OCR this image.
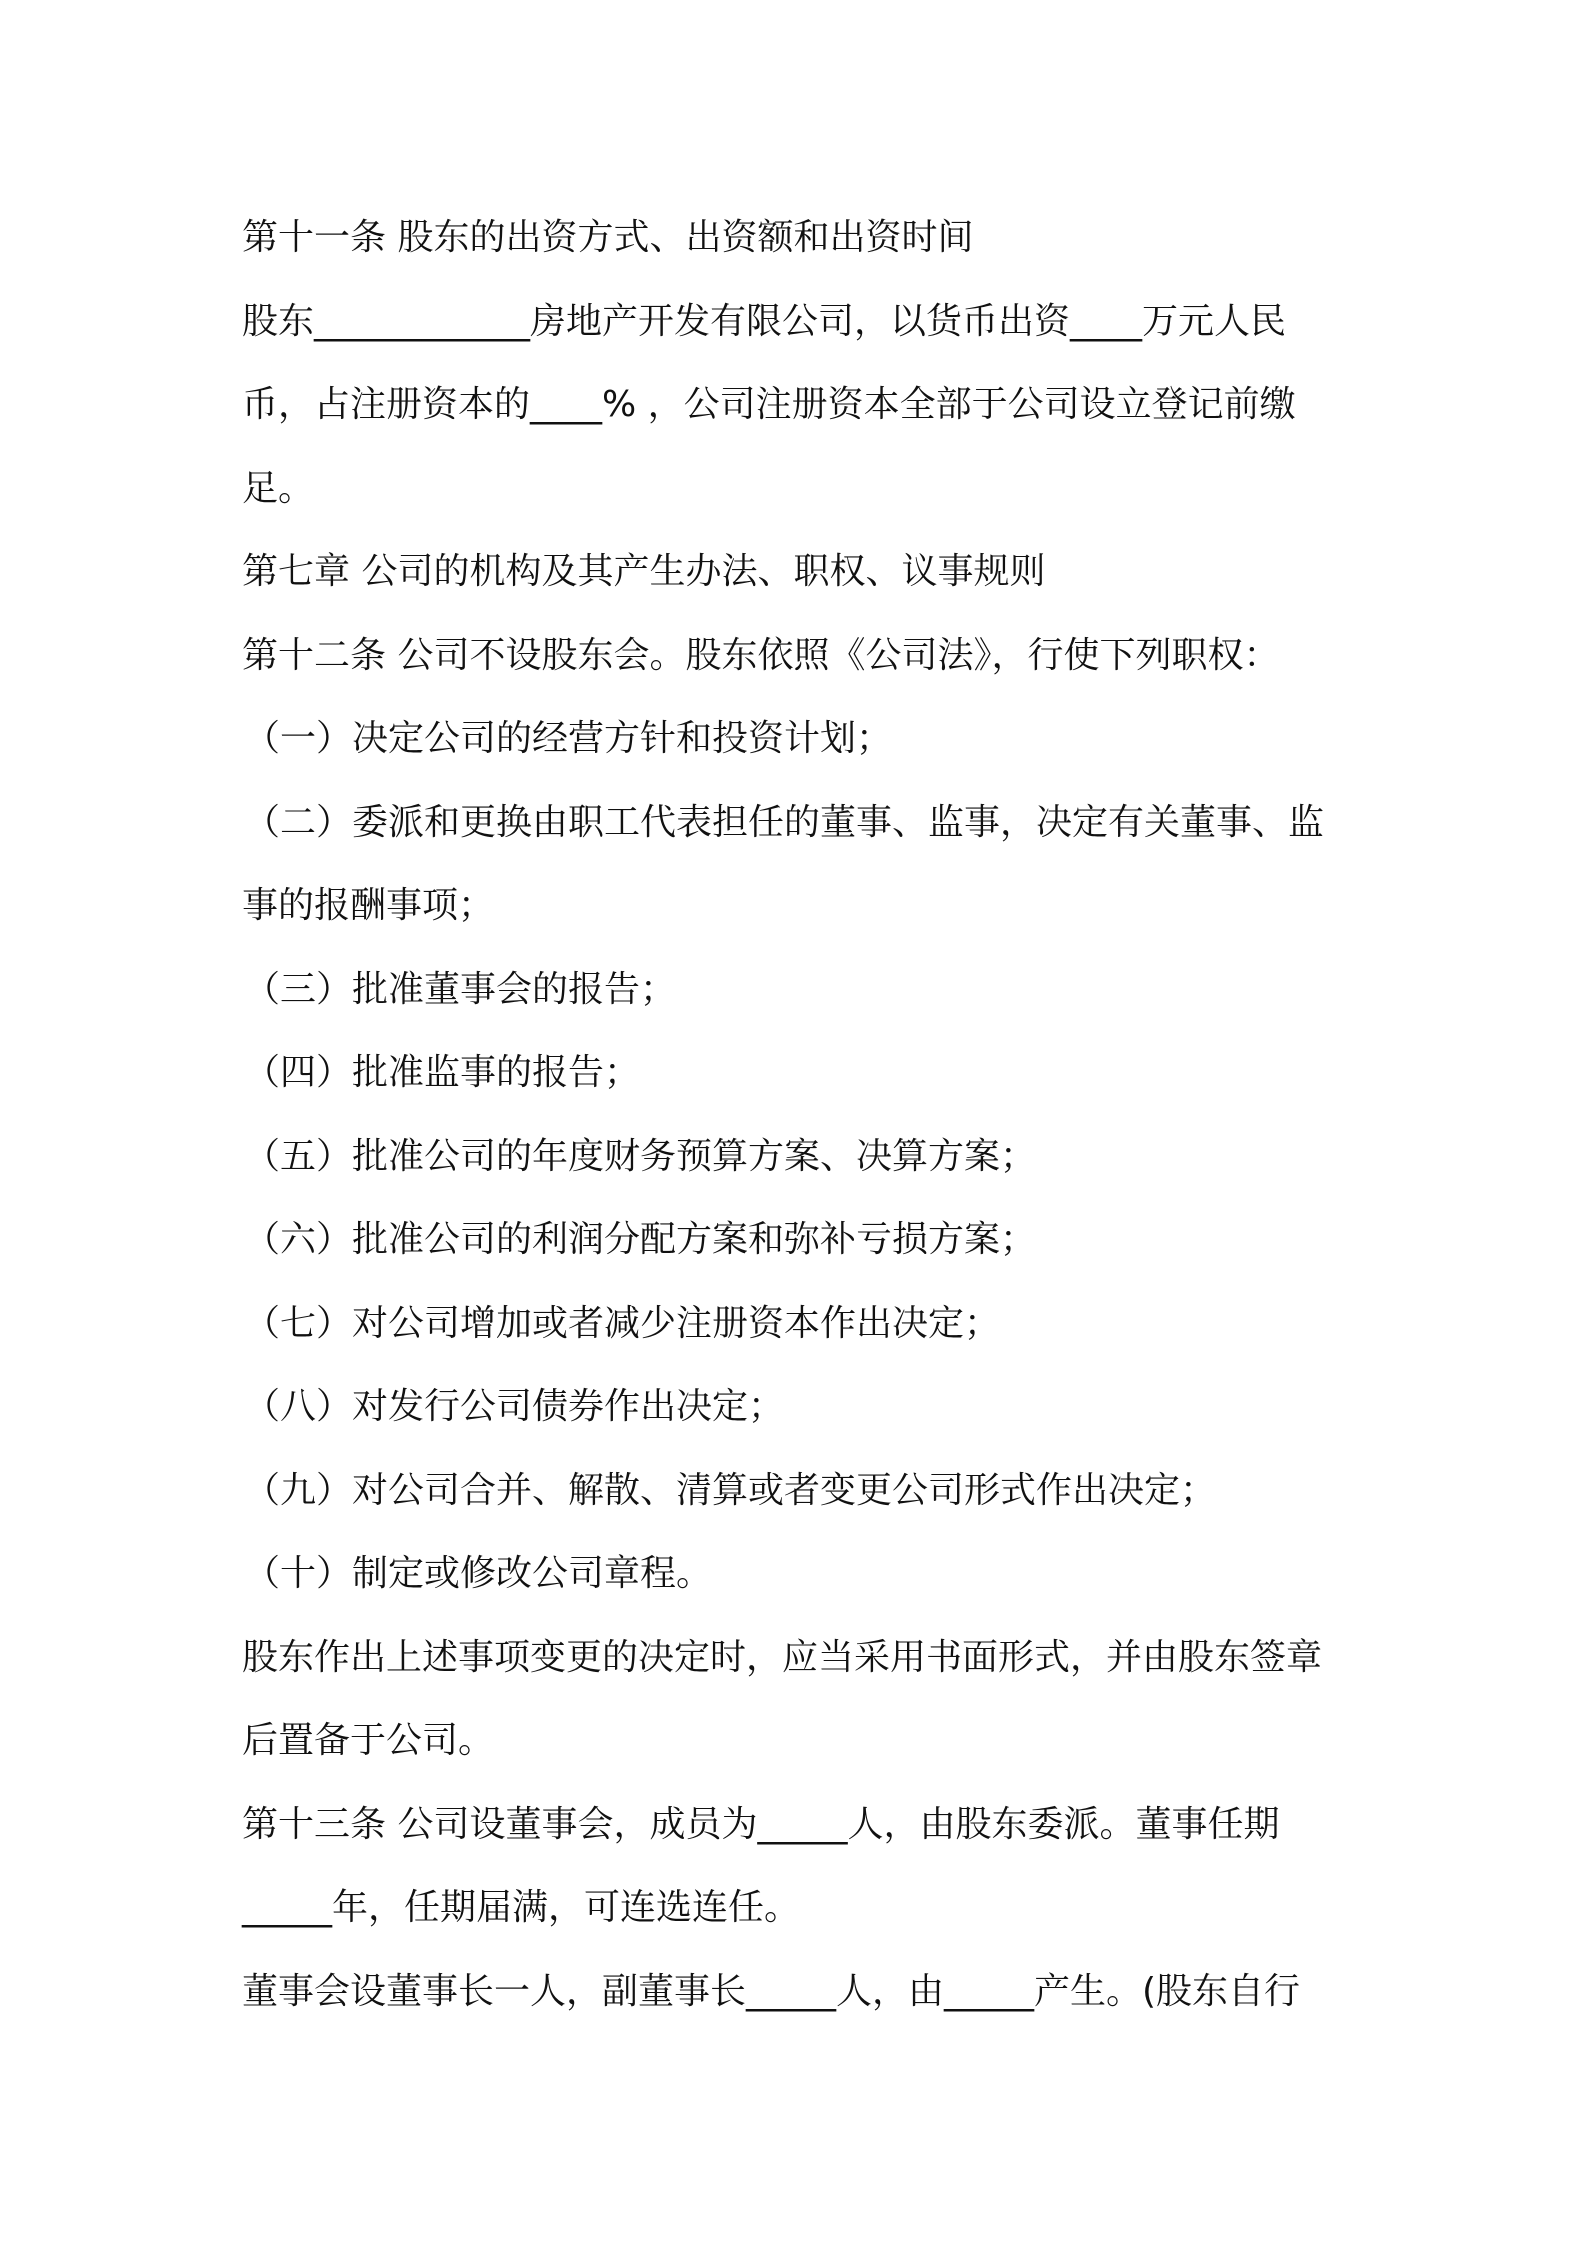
第十一条 股东的出资方式、出资额和出资时间
股东____________房地产开发有限公司，以货币出资____万元人民
币，占注册资本的____% ，公司注册资本全部于公司设立登记前缴
足。
第七章 公司的机构及其产生办法、职权、议事规则
第十二条 公司不设股东会。股东依照《公司法》，行使下列职权：
（一）决定公司的经营方针和投资计划；
（二）委派和更换由职工代表担任的董事、监事，决定有关董事、监
事的报酬事项；
（三）批准董事会的报告；
（四）批准监事的报告；
（五）批准公司的年度财务预算方案、决算方案；
（六）批准公司的利润分配方案和弥补亏损方案；
（七）对公司增加或者减少注册资本作出决定；
（八）对发行公司债券作出决定；
（九）对公司合并、解散、清算或者变更公司形式作出决定；
（十）制定或修改公司章程。
股东作出上述事项变更的决定时，应当采用书面形式，并由股东签章
后置备于公司。
第十三条 公司设董事会，成员为_____人，由股东委派。董事任期
_____年，任期届满，可连选连任。
董事会设董事长一人，副董事长_____人，由_____产生。(股东自行
